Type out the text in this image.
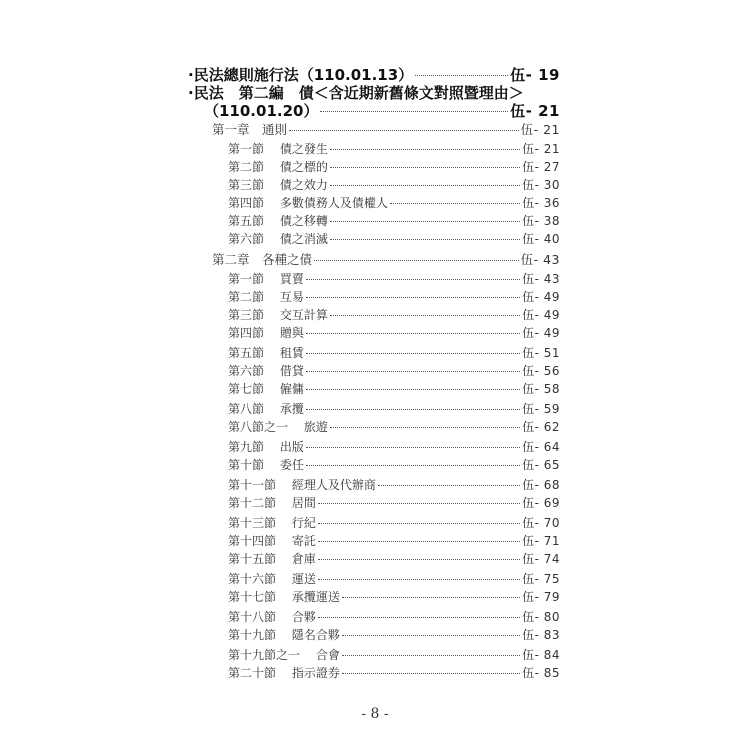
·民法總則施行法（110.01.13）	伍- 19
·民法　第二編　債＜含近期新舊條文對照暨理由＞
（110.01.20）	伍- 21
第一章　通則	伍- 21
第一節　 債之發生	伍- 21
第二節　 債之標的	伍- 27
第三節　 債之效力	伍- 30
第四節　 多數債務人及債權人	伍- 36
第五節　 債之移轉	伍- 38
第六節　 債之消滅	伍- 40
第二章　各種之債	伍- 43
第一節　 買賣	伍- 43
第二節　 互易	伍- 49
第三節　 交互計算	伍- 49
第四節　 贈與	伍- 49
第五節　 租賃	伍- 51
第六節　 借貸	伍- 56
第七節　 僱傭	伍- 58
第八節　 承攬	伍- 59
第八節之一　 旅遊	伍- 62
第九節　 出版	伍- 64
第十節　 委任	伍- 65
第十一節　 經理人及代辦商	伍- 68
第十二節　 居間	伍- 69
第十三節　 行紀	伍- 70
第十四節　 寄託	伍- 71
第十五節　 倉庫	伍- 74
第十六節　 運送	伍- 75
第十七節　 承攬運送	伍- 79
第十八節　 合夥	伍- 80
第十九節　 隱名合夥	伍- 83
第十九節之一　 合會	伍- 84
第二十節　 指示證券	伍- 85
- 8 -
